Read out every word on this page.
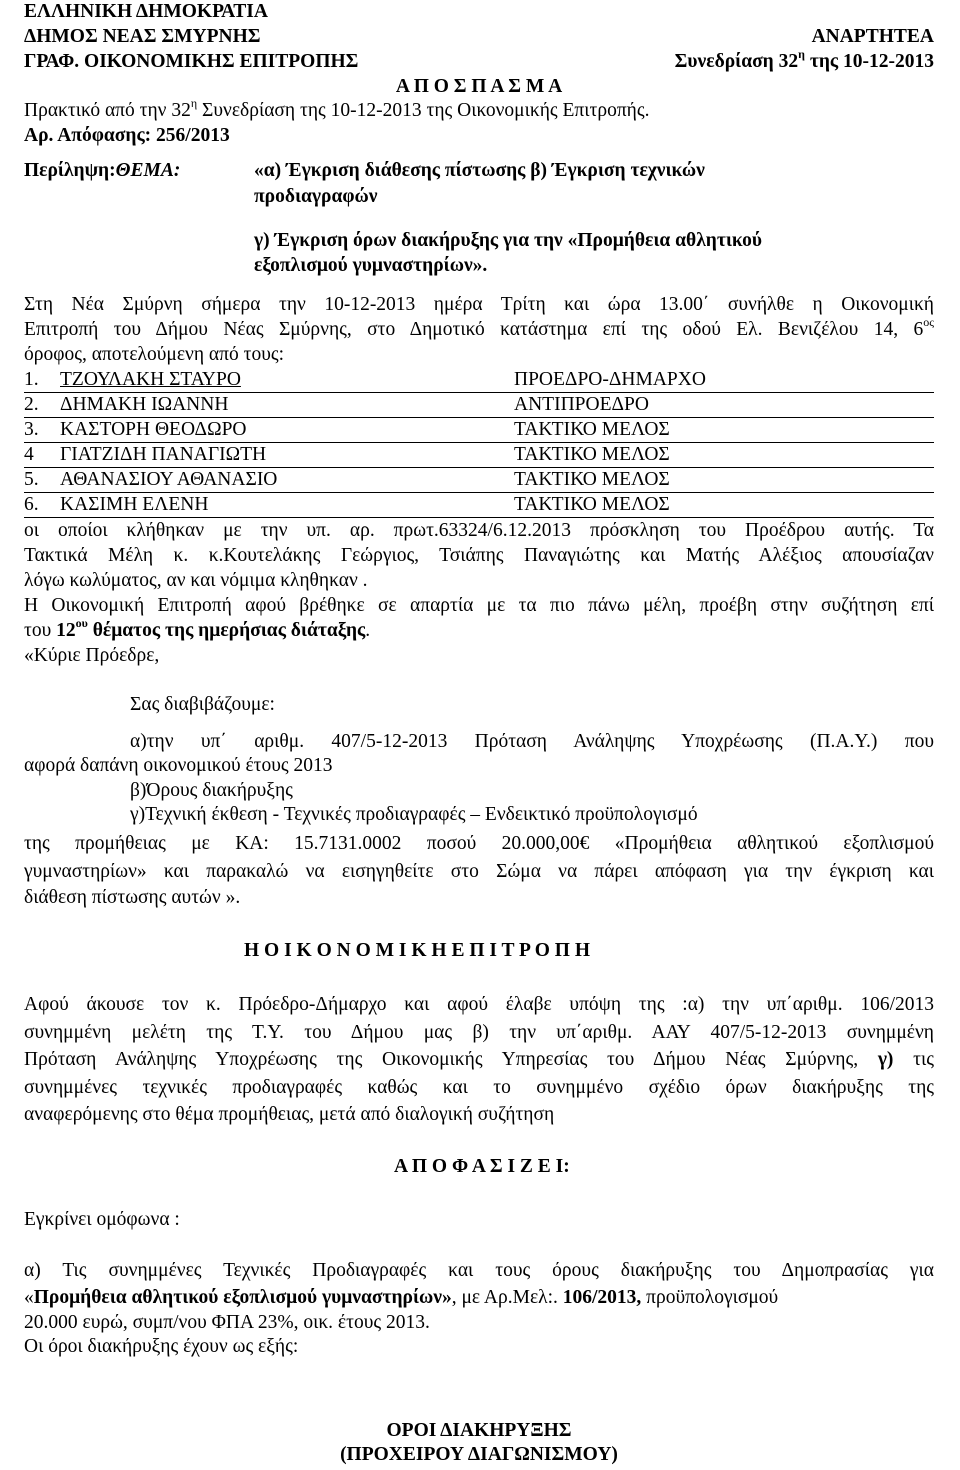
ΕΛΛΗΝΙΚΗ ΔΗΜΟΚΡΑΤΙΑ
ΔΗΜΟΣ ΝΕΑΣ ΣΜΥΡΝΗΣ	ΑΝΑΡΤΗΤΕΑ
ΓΡΑΦ. ΟΙΚΟΝΟΜΙΚΗΣ ΕΠΙΤΡΟΠΗΣ	Συνεδρίαση $32^\eta$ της 10-12-2013
Α Π Ο Σ Π Α Σ Μ Α
Πρακτικό από την $32^\eta$ Συνεδρίαση της 10-12-2013 της Οικονομικής Επιτροπής.
Αρ. Απόφασης: 256/2013
Περίληψη:ΘΕΜΑ:	«α) Έγκριση διάθεσης πίστωσης β) Έγκριση τεχνικών
προδιαγραφών
γ) Έγκριση όρων διακήρυξης για την «Προμήθεια αθλητικού
εξοπλισμού γυμναστηρίων».
Στη Νέα Σμύρνη σήμερα την 10-12-2013 ημέρα Τρίτη και ώρα 13.00΄ συνήλθε η Οικονομική
Επιτροπή του Δήμου Νέας Σμύρνης, στο Δημοτικό κατάστημα επί της οδού Ελ. Βενιζέλου 14, $6^{o\varsigma}$
όροφος, αποτελούμενη από τους:
1. ΤΖΟΥΛΑΚΗ ΣΤΑΥΡΟ	ΠΡΟΕΔΡΟ-ΔΗΜΑΡΧΟ
2. ΔΗΜΑΚΗ ΙΩΑΝΝΗ	ΑΝΤΙΠΡΟΕΔΡΟ
3. ΚΑΣΤΟΡΗ ΘΕΟΔΩΡΟ	ΤΑΚΤΙΚΟ ΜΕΛΟΣ
4 ΓΙΑΤΖΙΔΗ ΠΑΝΑΓΙΩΤΗ	ΤΑΚΤΙΚΟ ΜΕΛΟΣ
5. ΑΘΑΝΑΣΙΟΥ ΑΘΑΝΑΣΙΟ	ΤΑΚΤΙΚΟ ΜΕΛΟΣ
6. ΚΑΣΙΜΗ ΕΛΕΝΗ	ΤΑΚΤΙΚΟ ΜΕΛΟΣ
οι οποίοι κλήθηκαν με την υπ. αρ. πρωτ.63324/6.12.2013 πρόσκληση του Προέδρου αυτής. Τα
Τακτικά Μέλη κ. κ.Κουτελάκης Γεώργιος, Τσιάπης Παναγιώτης και Ματής Αλέξιος απουσίαζαν
λόγω κωλύματος, αν και νόμιμα κληθηκαν .
Η Οικονομική Επιτροπή αφού βρέθηκε σε απαρτία με τα πιο πάνω μέλη, προέβη στην συζήτηση επί
του $12^{o\upsilon}$ θέματος της ημερήσιας διάταξης.
«Κύριε Πρόεδρε,
Σας διαβιβάζουμε:
α)την υπ΄ αριθμ. 407/5-12-2013 Πρόταση Ανάληψης Υποχρέωσης (Π.Α.Υ.) που
αφορά δαπάνη οικονομικού έτους 2013
β)Όρους διακήρυξης
γ)Τεχνική έκθεση - Τεχνικές προδιαγραφές – Ενδεικτικό προϋπολογισμό
της προμήθειας με ΚΑ: 15.7131.0002 ποσού 20.000,00€ «Προμήθεια αθλητικού εξοπλισμού
γυμναστηρίων» και παρακαλώ να εισηγηθείτε στο Σώμα να πάρει απόφαση για την έγκριση και
διάθεση πίστωσης αυτών ».
Η Ο Ι Κ Ο Ν Ο Μ Ι Κ Η Ε Π Ι Τ Ρ Ο Π Η
Αφού άκουσε τον κ. Πρόεδρο-Δήμαρχο και αφού έλαβε υπόψη της :α) την υπ΄αριθμ. 106/2013
συνημμένη μελέτη της Τ.Υ. του Δήμου μας β) την υπ΄αριθμ. ΑΑΥ 407/5-12-2013 συνημμένη
Πρόταση Ανάληψης Υποχρέωσης της Οικονομικής Υπηρεσίας του Δήμου Νέας Σμύρνης, γ) τις
συνημμένες τεχνικές προδιαγραφές καθώς και το συνημμένο σχέδιο όρων διακήρυξης της
αναφερόμενης στο θέμα προμήθειας, μετά από διαλογική συζήτηση
Α Π Ο Φ Α Σ Ι Ζ Ε Ι:
Εγκρίνει ομόφωνα :
α) Τις συνημμένες Τεχνικές Προδιαγραφές και τους όρους διακήρυξης του Δημοπρασίας για
«Προμήθεια αθλητικού εξοπλισμού γυμναστηρίων», με Αρ.Μελ:. 106/2013, προϋπολογισμού
20.000 ευρώ, συμπ/νου ΦΠΑ 23%, οικ. έτους 2013.
Οι όροι διακήρυξης έχουν ως εξής:
ΟΡΟΙ ΔΙΑΚΗΡΥΞΗΣ
(ΠΡΟΧΕΙΡΟΥ ΔΙΑΓΩΝΙΣΜΟΥ)
